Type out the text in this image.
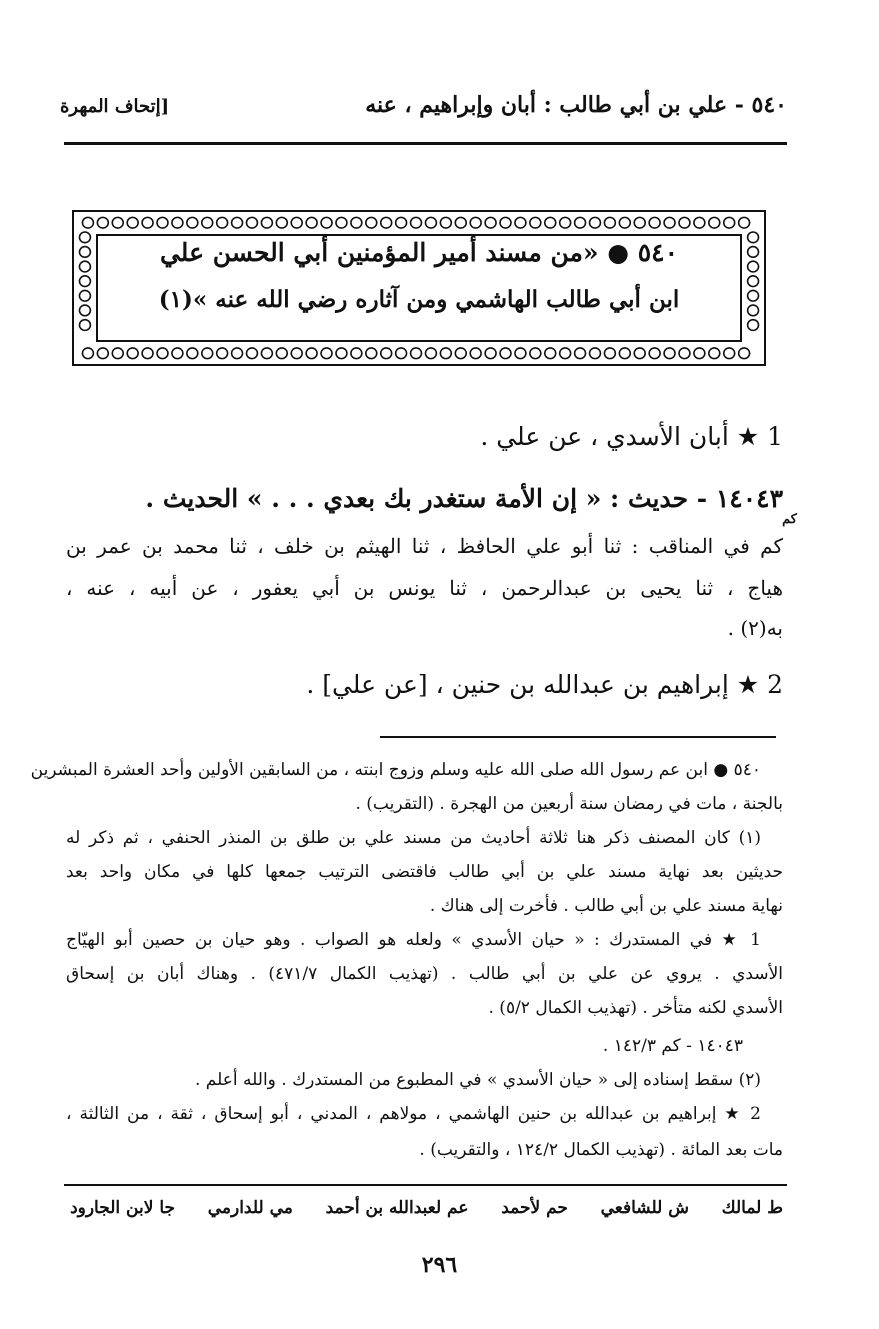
٥٤٠ - علي بن أبي طالب : أبان وإبراهيم ، عنه
[إتحاف المهرة
٥٤٠ ● «من مسند أمير المؤمنين أبي الحسن علي
ابن أبي طالب الهاشمي ومن آثاره رضي الله عنه »(١)
1 ★ أبان الأسدي ، عن علي .
١٤٠٤٣ - حديث : « إن الأمة ستغدر بك بعدي . . . » الحديث .
كم
كم في المناقب : ثنا أبو علي الحافظ ، ثنا الهيثم بن خلف ، ثنا محمد بن عمر بن
هياج ، ثنا يحيى بن عبدالرحمن ، ثنا يونس بن أبي يعفور ، عن أبيه ، عنه ،
به(٢) .
2 ★ إبراهيم بن عبدالله بن حنين ، [عن علي] .
٥٤٠ ● ابن عم رسول الله صلى الله عليه وسلم وزوج ابنته ، من السابقين الأولين وأحد العشرة المبشرين
بالجنة ، مات في رمضان سنة أربعين من الهجرة . (التقريب) .
(١) كان المصنف ذكر هنا ثلاثة أحاديث من مسند علي بن طلق بن المنذر الحنفي ، ثم ذكر له
حديثين بعد نهاية مسند علي بن أبي طالب فاقتضى الترتيب جمعها كلها في مكان واحد بعد
نهاية مسند علي بن أبي طالب . فأخرت إلى هناك .
1 ★ في المستدرك : « حيان الأسدي » ولعله هو الصواب . وهو حيان بن حصين أبو الهيّاج
الأسدي . يروي عن علي بن أبي طالب . (تهذيب الكمال ٤٧١/٧) . وهناك أبان بن إسحاق
الأسدي لكنه متأخر . (تهذيب الكمال ٥/٢) .
١٤٠٤٣ - كم ١٤٢/٣ .
(٢) سقط إسناده إلى « حيان الأسدي » في المطبوع من المستدرك . والله أعلم .
2 ★ إبراهيم بن عبدالله بن حنين الهاشمي ، مولاهم ، المدني ، أبو إسحاق ، ثقة ، من الثالثة ،
مات بعد المائة . (تهذيب الكمال ١٢٤/٢ ، والتقريب) .
ط لمالك
ش للشافعي
حم لأحمد
عم لعبدالله بن أحمد
مي للدارمي
جا لابن الجارود
٢٩٦
